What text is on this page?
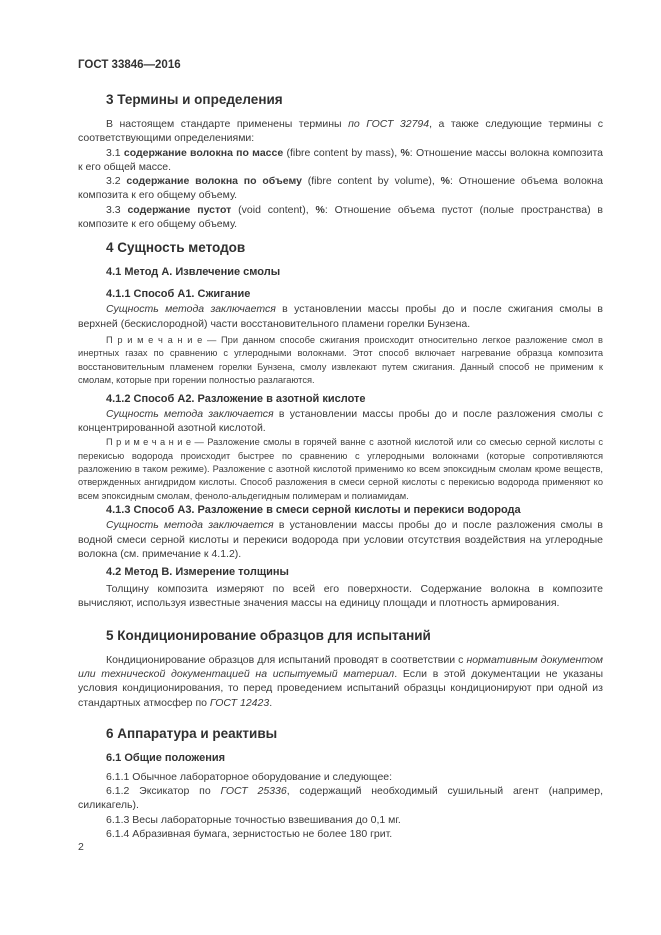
ГОСТ 33846—2016
3 Термины и определения

В настоящем стандарте применены термины по ГОСТ 32794, а также следующие термины с соответствующими определениями:

3.1 содержание волокна по массе (fibre content by mass), %: Отношение массы волокна композита к его общей массе.

3.2 содержание волокна по объему (fibre content by volume), %: Отношение объема волокна композита к его общему объему.

3.3 содержание пустот (void content), %: Отношение объема пустот (полые пространства) в композите к его общему объему.

4 Сущность методов
4.1 Метод А. Извлечение смолы
4.1.1 Способ А1. Сжигание

Сущность метода заключается в установлении массы пробы до и после сжигания смолы в верхней (бескислородной) части восстановительного пламени горелки Бунзена.

П р и м е ч а н и е — При данном способе сжигания происходит относительно легкое разложение смол в инертных газах по сравнению с углеродными волокнами. Этот способ включает нагревание образца композита восстановительным пламенем горелки Бунзена, смолу извлекают путем сжигания. Данный способ не применим к смолам, которые при горении полностью разлагаются.

4.1.2 Способ А2. Разложение в азотной кислоте

Сущность метода заключается в установлении массы пробы до и после разложения смолы с концентрированной азотной кислотой.

П р и м е ч а н и е — Разложение смолы в горячей ванне с азотной кислотой или со смесью серной кислоты с перекисью водорода происходит быстрее по сравнению с углеродными волокнами (которые сопротивляются разложению в таком режиме). Разложение с азотной кислотой применимо ко всем эпоксидным смолам кроме веществ, отвержденных ангидридом кислоты. Способ разложения в смеси серной кислоты с перекисью водорода применяют ко всем эпоксидным смолам, феноло-альдегидным полимерам и полиамидам.

4.1.3 Способ А3. Разложение в смеси серной кислоты и перекиси водорода

Сущность метода заключается в установлении массы пробы до и после разложения смолы в водной смеси серной кислоты и перекиси водорода при условии отсутствия воздействия на углеродные волокна (см. примечание к 4.1.2).

4.2 Метод В. Измерение толщины

Толщину композита измеряют по всей его поверхности. Содержание волокна в композите вычисляют, используя известные значения массы на единицу площади и плотность армирования.

5 Кондиционирование образцов для испытаний

Кондиционирование образцов для испытаний проводят в соответствии с нормативным документом или технической документацией на испытуемый материал. Если в этой документации не указаны условия кондиционирования, то перед проведением испытаний образцы кондиционируют при одной из стандартных атмосфер по ГОСТ 12423.

6 Аппаратура и реактивы
6.1 Общие положения

6.1.1 Обычное лабораторное оборудование и следующее:

6.1.2 Эксикатор по ГОСТ 25336, содержащий необходимый сушильный агент (например, силикагель).

6.1.3 Весы лабораторные точностью взвешивания до 0,1 мг.

6.1.4 Абразивная бумага, зернистостью не более 180 грит.

2
